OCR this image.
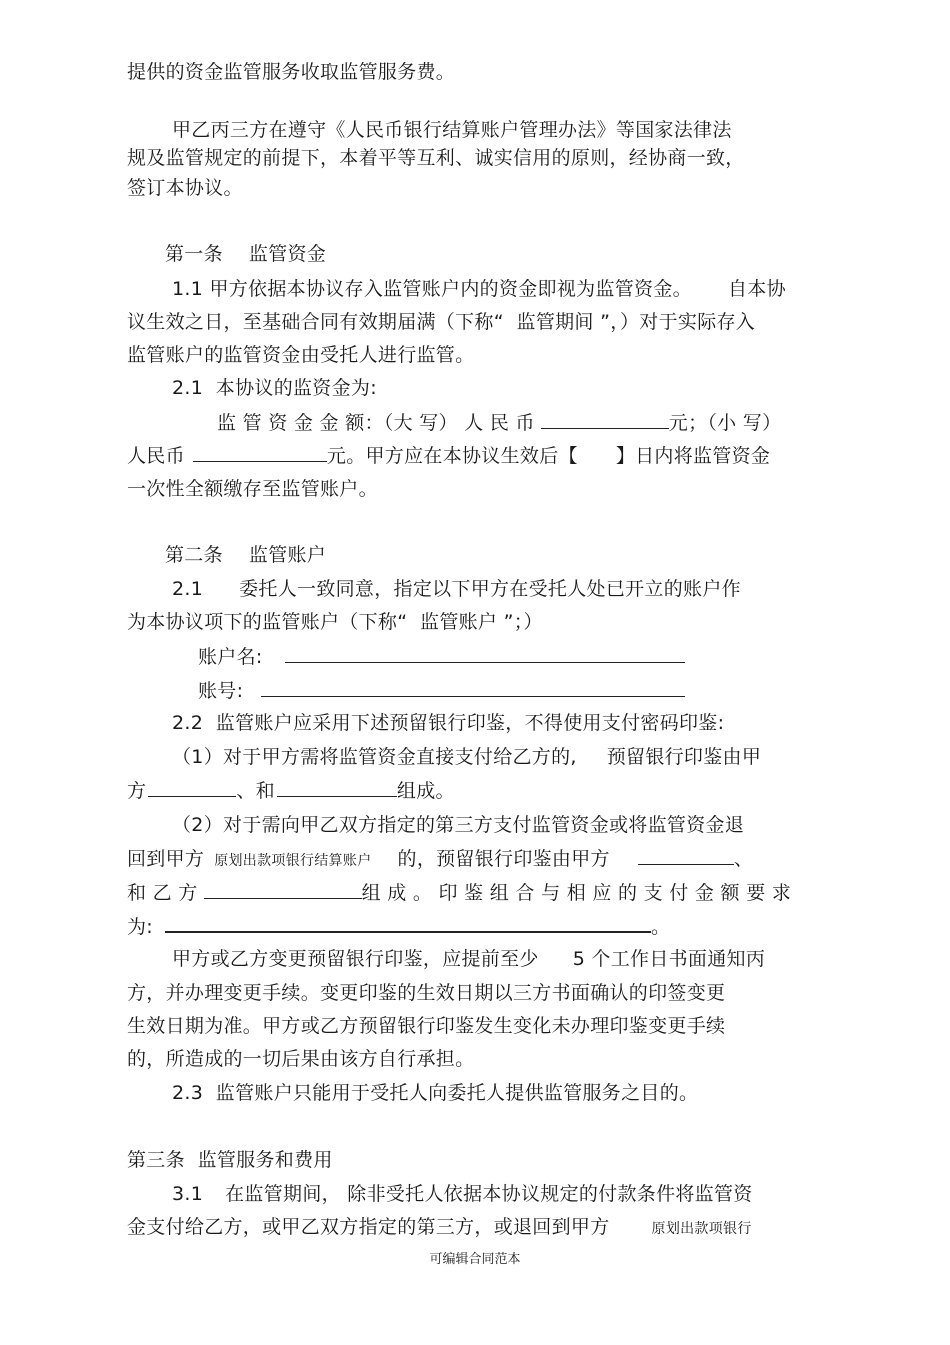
提供的资金监管服务收取监管服务费。
甲乙丙三方在遵守《人民币银行结算账户管理办法》等国家法律法
规及监管规定的前提下，本着平等互利、诚实信用的原则，经协商一致，
签订本协议。
第一条 监管资金
1.1 甲方依据本协议存入监管账户内的资金即视为监管资金。 自本协
议生效之日，至基础合同有效期届满（下称“  监管期间 ”，）对于实际存入
监管账户的监管资金由受托人进行监管。
2.1  本协议的监资金为:
监 管 资 金 金 额：（大 写） 人 民 币	元；（小 写）
人民币	元。甲方应在本协议生效后【 】日内将监管资金
一次性全额缴存至监管账户。
第二条 监管账户
2.1 委托人一致同意，指定以下甲方在受托人处已开立的账户作
为本协议项下的监管账户（下称“  监管账户 ”；）
账户名:
账号:
2.2  监管账户应采用下述预留银行印鉴，不得使用支付密码印鉴:
（1）对于甲方需将监管资金直接支付给乙方的, 预留银行印鉴由甲
方	、和	组成。
（2）对于需向甲乙双方指定的第三方支付监管资金或将监管资金退
回到甲方 原划出款项银行结算账户 的，预留银行印鉴由甲方	、
和 乙 方	组 成 。 印 鉴 组 合 与 相 应 的 支 付 金 额 要 求
为:	。
甲方或乙方变更预留银行印鉴，应提前至少 5 个工作日书面通知丙
方，并办理变更手续。变更印鉴的生效日期以三方书面确认的印签变更
生效日期为准。甲方或乙方预留银行印鉴发生变化未办理印鉴变更手续
的，所造成的一切后果由该方自行承担。
2.3  监管账户只能用于受托人向委托人提供监管服务之目的。
第三条  监管服务和费用
3.1 在监管期间， 除非受托人依据本协议规定的付款条件将监管资
金支付给乙方，或甲乙双方指定的第三方，或退回到甲方	原划出款项银行
可编辑合同范本
